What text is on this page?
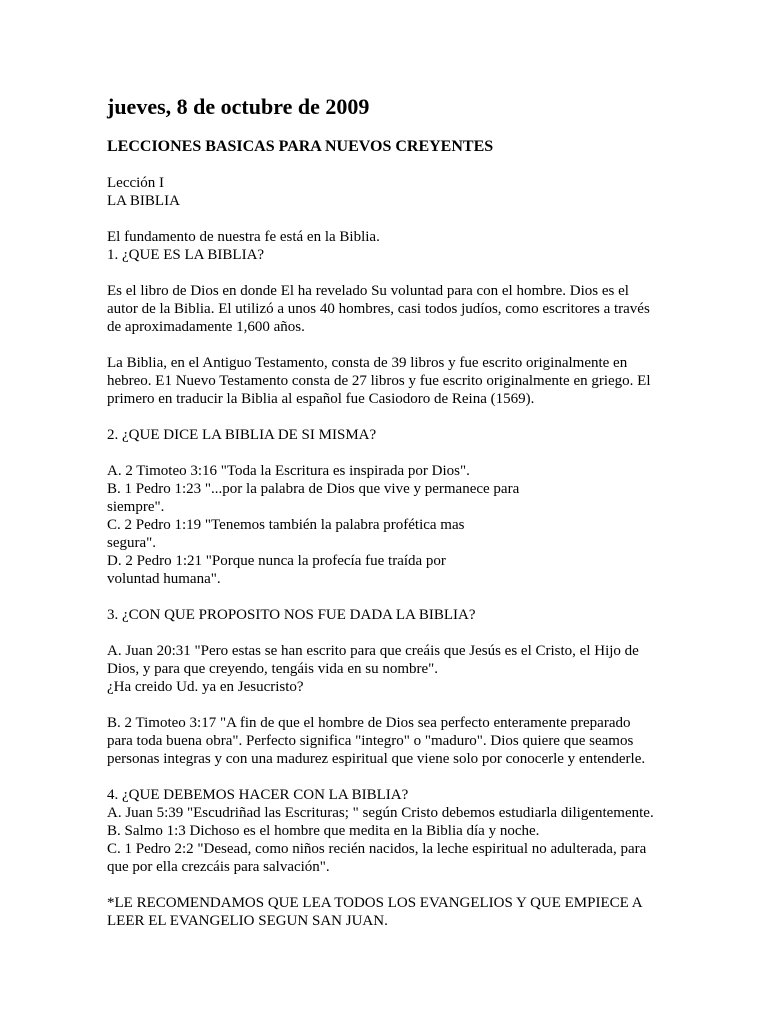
jueves, 8 de octubre de 2009
LECCIONES BASICAS PARA NUEVOS CREYENTES

Lección I

LA BIBLIA

El fundamento de nuestra fe está en la Biblia.

1. ¿QUE ES LA BIBLIA?

Es el libro de Dios en donde El ha revelado Su voluntad para con el hombre. Dios es el
autor de la Biblia. El utilizó a unos 40 hombres, casi todos judíos, como escritores a través
de aproximadamente 1,600 años.

La Biblia, en el Antiguo Testamento, consta de 39 libros y fue escrito originalmente en
hebreo. E1 Nuevo Testamento consta de 27 libros y fue escrito originalmente en griego. El
primero en traducir la Biblia al español fue Casiodoro de Reina (1569).

2. ¿QUE DICE LA BIBLIA DE SI MISMA?

A. 2 Timoteo 3:16 "Toda la Escritura es inspirada por Dios".
B. 1 Pedro 1:23 "...por la palabra de Dios que vive y permanece para
siempre".
C. 2 Pedro 1:19 "Tenemos también la palabra profética mas
segura".
D. 2 Pedro 1:21 "Porque nunca la profecía fue traída por
voluntad humana".

3. ¿CON QUE PROPOSITO NOS FUE DADA LA BIBLIA?

A. Juan 20:31 "Pero estas se han escrito para que creáis que Jesús es el Cristo, el Hijo de
Dios, y para que creyendo, tengáis vida en su nombre".
¿Ha creido Ud. ya en Jesucristo?

B. 2 Timoteo 3:17 "A fin de que el hombre de Dios sea perfecto enteramente preparado
para toda buena obra". Perfecto significa "integro" o "maduro". Dios quiere que seamos
personas integras y con una madurez espiritual que viene solo por conocerle y entenderle.

4. ¿QUE DEBEMOS HACER CON LA BIBLIA?

A. Juan 5:39 "Escudriñad las Escrituras; " según Cristo debemos estudiarla diligentemente.
B. Salmo 1:3 Dichoso es el hombre que medita en la Biblia día y noche.
C. 1 Pedro 2:2 "Desead, como niños recién nacidos, la leche espiritual no adulterada, para
que por ella crezcáis para salvación".

*LE RECOMENDAMOS QUE LEA TODOS LOS EVANGELIOS Y QUE EMPIECE A
LEER EL EVANGELIO SEGUN SAN JUAN.
